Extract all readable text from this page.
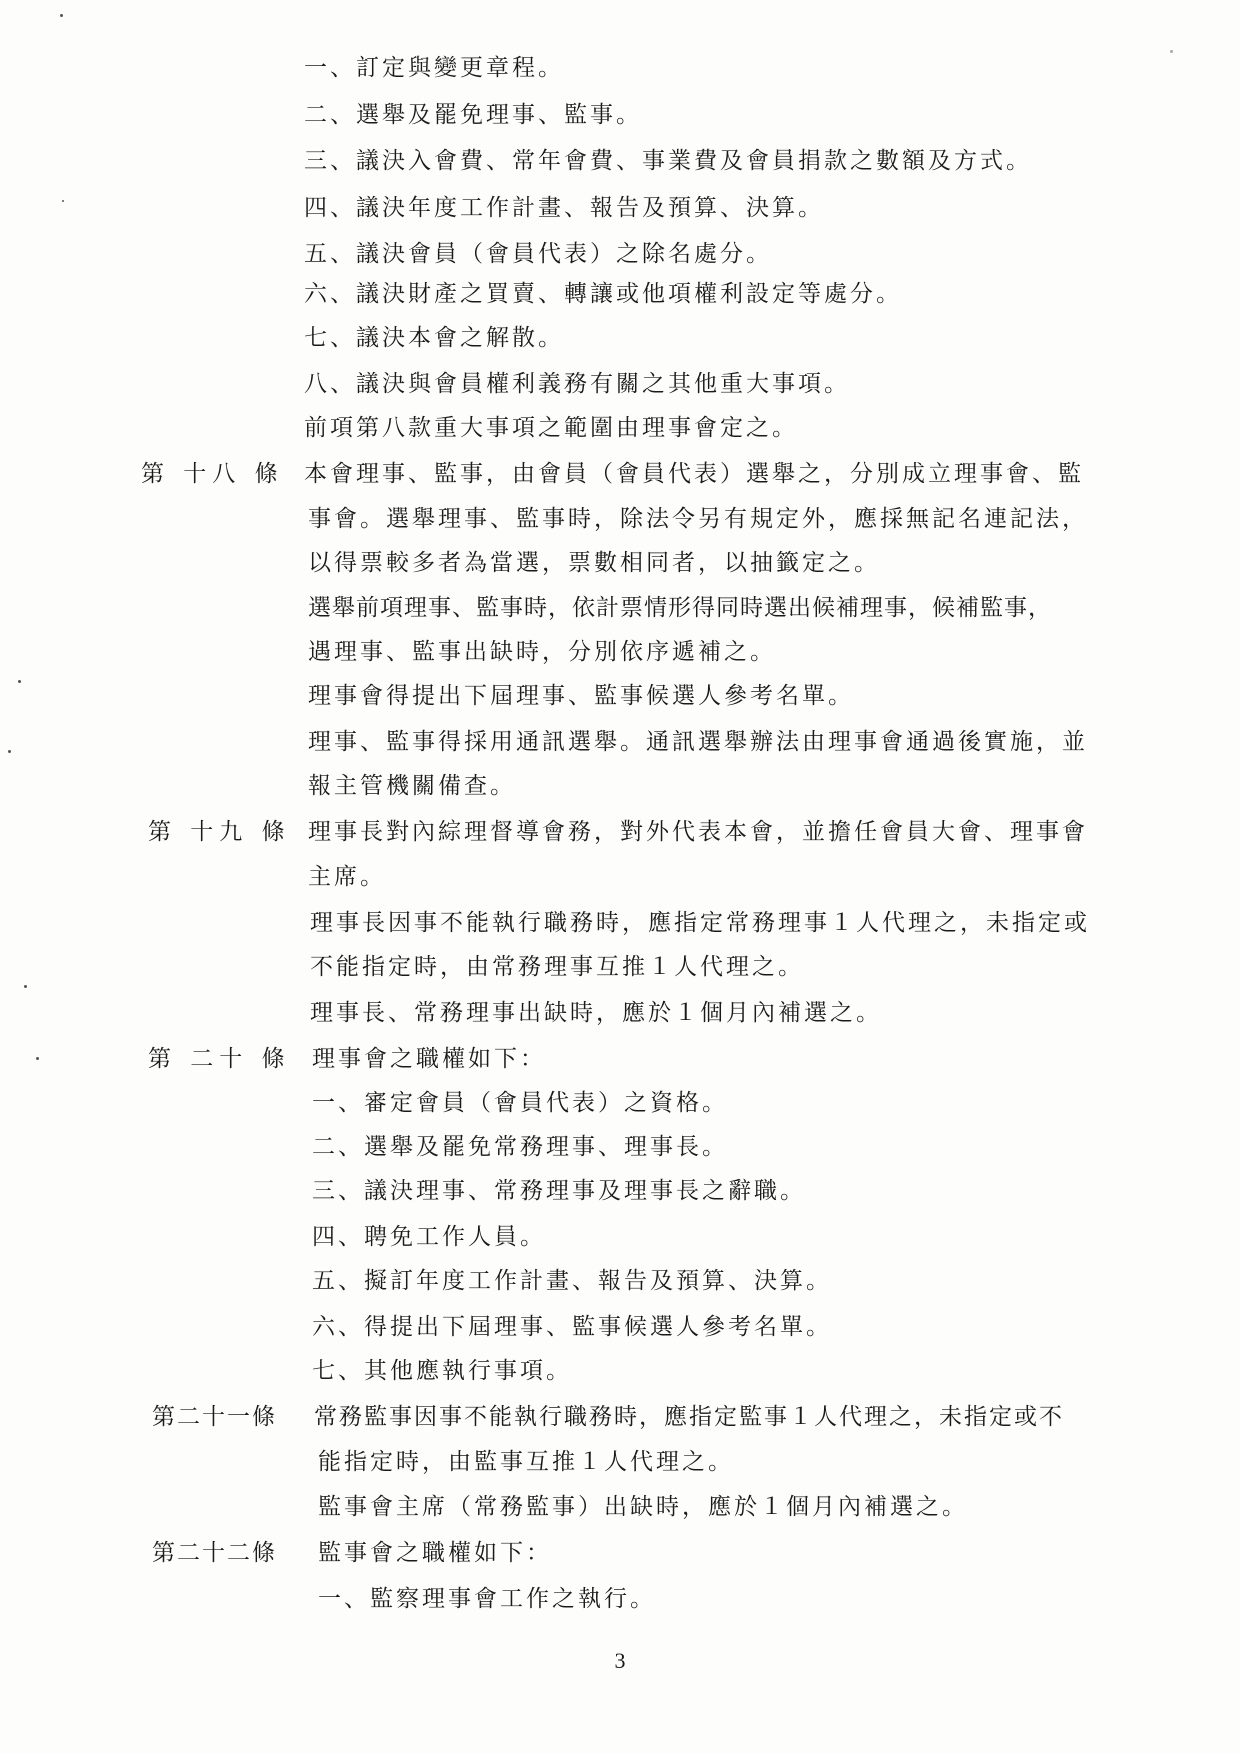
一、訂定與變更章程。
二、選舉及罷免理事、監事。
三、議決入會費、常年會費、事業費及會員捐款之數額及方式。
四、議決年度工作計畫、報告及預算、決算。
五、議決會員（會員代表）之除名處分。
六、議決財產之買賣、轉讓或他項權利設定等處分。
七、議決本會之解散。
八、議決與會員權利義務有關之其他重大事項。
前項第八款重大事項之範圍由理事會定之。
第 十八 條 本會理事、監事，由會員（會員代表）選舉之，分別成立理事會、監
事會。選舉理事、監事時，除法令另有規定外，應採無記名連記法，
以得票較多者為當選，票數相同者，以抽籤定之。
選舉前項理事、監事時，依計票情形得同時選出候補理事，候補監事，
遇理事、監事出缺時，分別依序遞補之。
理事會得提出下屆理事、監事候選人參考名單。
理事、監事得採用通訊選舉。通訊選舉辦法由理事會通過後實施，並
報主管機關備查。
第 十九 條 理事長對內綜理督導會務，對外代表本會，並擔任會員大會、理事會
主席。
理事長因事不能執行職務時，應指定常務理事１人代理之，未指定或
不能指定時，由常務理事互推１人代理之。
理事長、常務理事出缺時，應於１個月內補選之。
第 二十 條 理事會之職權如下：
一、審定會員（會員代表）之資格。
二、選舉及罷免常務理事、理事長。
三、議決理事、常務理事及理事長之辭職。
四、聘免工作人員。
五、擬訂年度工作計畫、報告及預算、決算。
六、得提出下屆理事、監事候選人參考名單。
七、其他應執行事項。
第二十一條 常務監事因事不能執行職務時，應指定監事１人代理之，未指定或不
能指定時，由監事互推１人代理之。
監事會主席（常務監事）出缺時，應於１個月內補選之。
第二十二條 監事會之職權如下：
一、監察理事會工作之執行。
3
